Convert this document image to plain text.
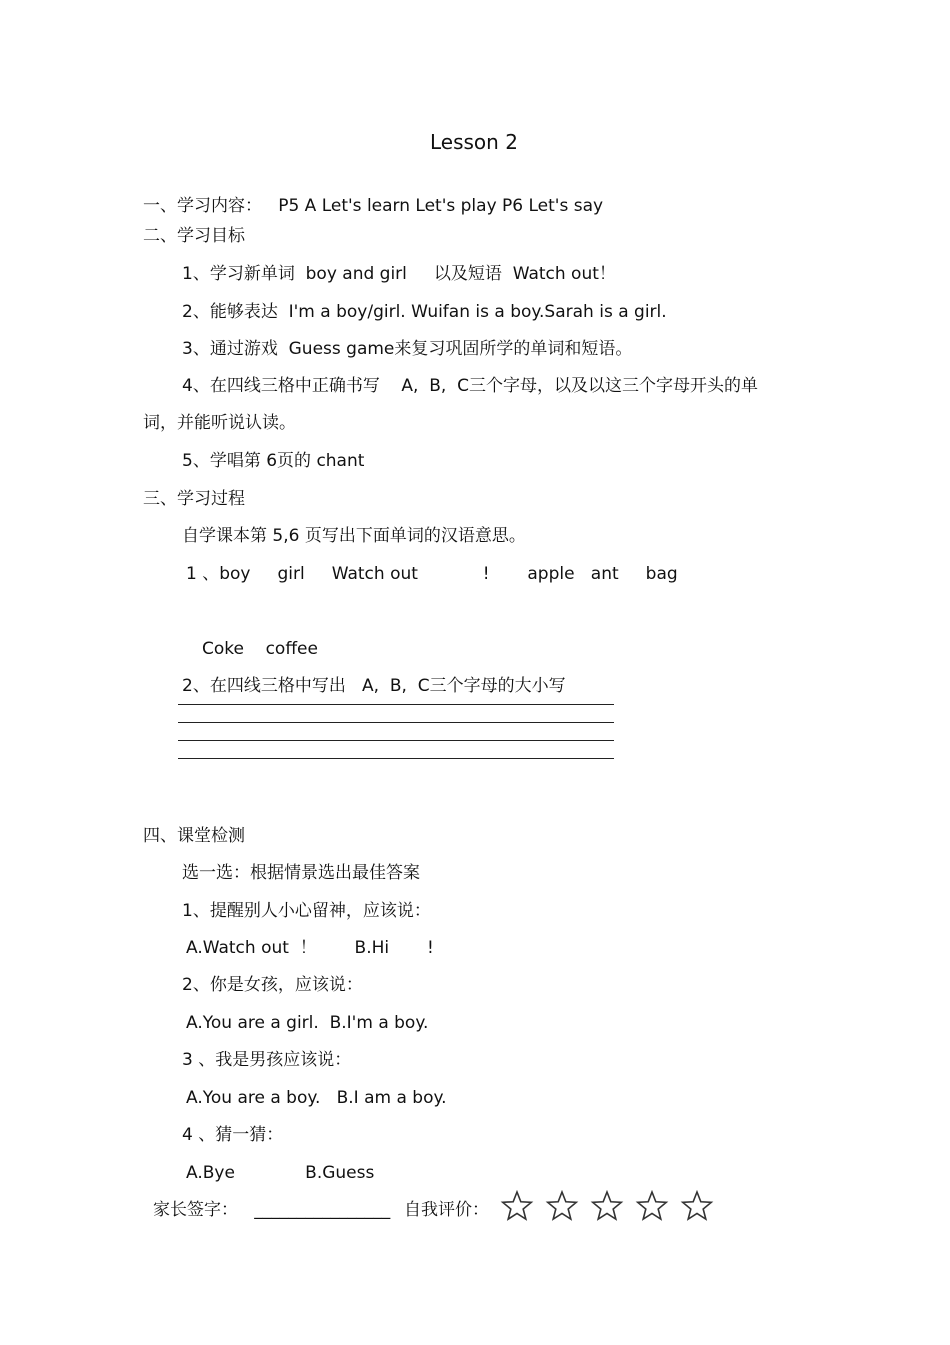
Lesson 2
一、学习内容：   P5 A Let's learn Let's play P6 Let's say
二、学习目标
1、学习新单词  boy and girl     以及短语  Watch out！
2、能够表达  I'm a boy/girl. Wuifan is a boy.Sarah is a girl.
3、通过游戏  Guess game来复习巩固所学的单词和短语。
4、在四线三格中正确书写    A,  B,  C三个字母，以及以这三个字母开头的单
词，并能听说认读。
5、学唱第 6页的 chant
三、学习过程
自学课本第 5,6 页写出下面单词的汉语意思。
1 、boy     girl     Watch out            !       apple   ant     bag
Coke    coffee
2、在四线三格中写出   A,  B,  C三个字母的大小写
四、课堂检测
选一选：根据情景选出最佳答案
1、提醒别人小心留神，应该说：
A.Watch out  ！       B.Hi       !
2、你是女孩，应该说：
A.You are a girl.  B.I'm a boy.
3 、我是男孩应该说：
A.You are a boy.   B.I am a boy.
4 、猜一猜：
A.Bye             B.Guess
家长签字：   ________________ 自我评价：
